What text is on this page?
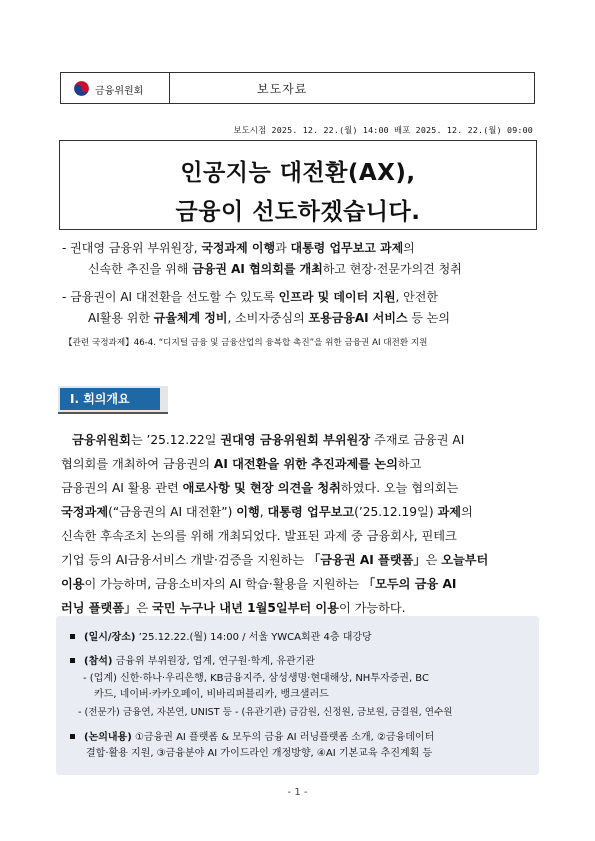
금융위원회	보도자료
보도시점 2025. 12. 22.(월) 14:00 배포 2025. 12. 22.(월) 09:00
인공지능 대전환(AX),
금융이 선도하겠습니다.
- 권대영 금융위 부위원장, 국정과제 이행과 대통령 업무보고 과제의
신속한 추진을 위해 금융권 AI 협의회를 개최하고 현장·전문가의견 청취
- 금융권이 AI 대전환을 선도할 수 있도록 인프라 및 데이터 지원, 안전한
AI활용 위한 규율체계 정비, 소비자중심의 포용금융AI 서비스 등 논의
【관련 국정과제】46-4. “디지털 금융 및 금융산업의 융복합 촉진”을 위한 금융권 AI 대전환 지원
Ⅰ. 회의개요
금융위원회는 ’25.12.22일 권대영 금융위원회 부위원장 주재로 금융권 AI
협의회를 개최하여 금융권의 AI 대전환을 위한 추진과제를 논의하고
금융권의 AI 활용 관련 애로사항 및 현장 의견을 청취하였다. 오늘 협의회는
국정과제(“금융권의 AI 대전환”) 이행, 대통령 업무보고(’25.12.19일) 과제의
신속한 후속조치 논의를 위해 개최되었다. 발표된 과제 중 금융회사, 핀테크
기업 등의 AI금융서비스 개발·검증을 지원하는 「금융권 AI 플랫폼」은 오늘부터
이용이 가능하며, 금융소비자의 AI 학습·활용을 지원하는 「모두의 금융 AI
러닝 플랫폼」은 국민 누구나 내년 1월5일부터 이용이 가능하다.
(일시/장소) ’25.12.22.(월) 14:00 / 서울 YWCA회관 4층 대강당
(참석) 금융위 부위원장, 업계, 연구원·학계, 유관기관
- (업계) 신한·하나·우리은행, KB금융지주, 삼성생명·현대해상, NH투자증권, BC
카드, 네이버·카카오페이, 비바리퍼블리카, 뱅크샐러드
- (전문가) 금융연, 자본연, UNIST 등 - (유관기관) 금감원, 신정원, 금보원, 금결원, 연수원
(논의내용) ①금융권 AI 플랫폼 & 모두의 금융 AI 러닝플랫폼 소개, ②금융데이터
결합·활용 지원, ③금융분야 AI 가이드라인 개정방향, ④AI 기본교육 추진계획 등
- 1 -
